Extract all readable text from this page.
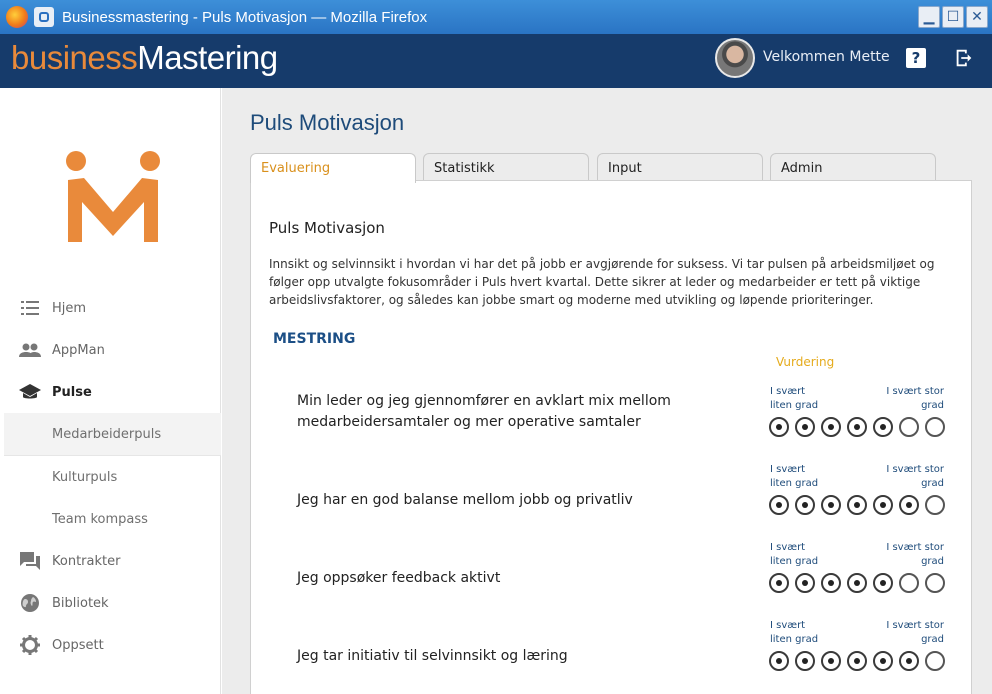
Businessmastering - Puls Motivasjon — Mozilla Firefox	▁ ☐ ✕
businessMastering	Velkommen Mette	?
Hjem
AppMan
Pulse
Medarbeiderpuls
Kulturpuls
Team kompass
Kontrakter
Bibliotek
Oppsett
Puls Motivasjon
Evaluering	Statistikk	Input	Admin
Puls Motivasjon
Innsikt og selvinnsikt i hvordan vi har det på jobb er avgjørende for suksess. Vi tar pulsen på arbeidsmiljøet og følger opp utvalgte fokusområder i Puls hvert kvartal. Dette sikrer at leder og medarbeider er tett på viktige arbeidslivsfaktorer, og således kan jobbe smart og moderne med utvikling og løpende prioriteringer.
MESTRING
Vurdering
Min leder og jeg gjennomfører en avklart mix mellom medarbeidersamtaler og mer operative samtaler
I svært liten grad
I svært stor grad
Jeg har en god balanse mellom jobb og privatliv
I svært liten grad
I svært stor grad
Jeg oppsøker feedback aktivt
I svært liten grad
I svært stor grad
Jeg tar initiativ til selvinnsikt og læring
I svært liten grad
I svært stor grad
